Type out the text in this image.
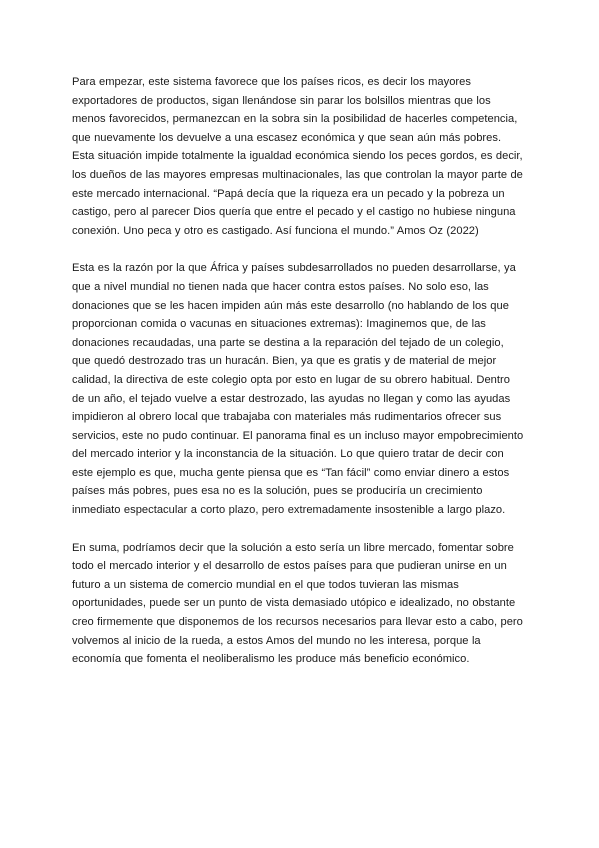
Para empezar, este sistema favorece que los países ricos, es decir los mayores exportadores de productos, sigan llenándose sin parar los bolsillos mientras que los menos favorecidos, permanezcan en la sobra sin la posibilidad de hacerles competencia, que nuevamente los devuelve a una escasez económica y que sean aún más pobres. Esta situación impide totalmente la igualdad económica siendo los peces gordos, es decir, los dueños de las mayores empresas multinacionales, las que controlan la mayor parte de este mercado internacional. “Papá decía que la riqueza era un pecado y la pobreza un castigo, pero al parecer Dios quería que entre el pecado y el castigo no hubiese ninguna conexión. Uno peca y otro es castigado. Así funciona el mundo.” Amos Oz (2022)

Esta es la razón por la que África y países subdesarrollados no pueden desarrollarse, ya que a nivel mundial no tienen nada que hacer contra estos países. No solo eso, las donaciones que se les hacen impiden aún más este desarrollo (no hablando de los que proporcionan comida o vacunas en situaciones extremas): Imaginemos que, de las donaciones recaudadas, una parte se destina a la reparación del tejado de un colegio, que quedó destrozado tras un huracán. Bien, ya que es gratis y de material de mejor calidad, la directiva de este colegio opta por esto en lugar de su obrero habitual. Dentro de un año, el tejado vuelve a estar destrozado, las ayudas no llegan y como las ayudas impidieron al obrero local que trabajaba con materiales más rudimentarios ofrecer sus servicios, este no pudo continuar. El panorama final es un incluso mayor empobrecimiento del mercado interior y la inconstancia de la situación. Lo que quiero tratar de decir con este ejemplo es que, mucha gente piensa que es “Tan fácil” como enviar dinero a estos países más pobres, pues esa no es la solución, pues se produciría un crecimiento inmediato espectacular a corto plazo, pero extremadamente insostenible a largo plazo.

En suma, podríamos decir que la solución a esto sería un libre mercado, fomentar sobre todo el mercado interior y el desarrollo de estos países para que pudieran unirse en un futuro a un sistema de comercio mundial en el que todos tuvieran las mismas oportunidades, puede ser un punto de vista demasiado utópico e idealizado, no obstante creo firmemente que disponemos de los recursos necesarios para llevar esto a cabo, pero volvemos al inicio de la rueda, a estos Amos del mundo no les interesa, porque la economía que fomenta el neoliberalismo les produce más beneficio económico.
